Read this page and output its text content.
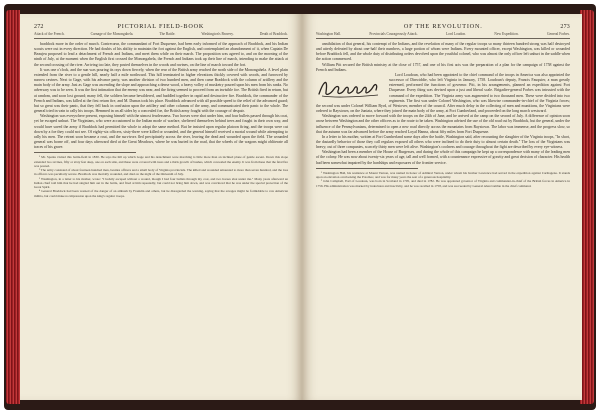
272	PICTORIAL FIELD-BOOK
Attack of the French.	Carnage of the Monongahela.	The Battle.	Washington's Bravery.	Death of Braddock.

braddock more in the order of march. Contrecœur, the commandant of Fort Duquesne, had been early informed of the approach of Braddock, and his Indian scouts were out in every direction. He had doubts of his ability to maintain the fort against the English, and contemplated an abandonment of it, when Captain De Beaujeu proposed to lead a detachment of French and Indians, and meet them while on their march. The proposition was agreed to, and on the morning of the ninth of July, at the moment when the English first crossed the Monongahela, the French and Indians took up their line of march, intending to make the attack at the second crossing of the river. Arriving too late, they posted themselves in the woods and ravines, on the line of march toward the fort.

It was one o'clock, and the sun was pouring its rays down fiercely, when the rear of the British army reached the north side of the Monongahela. A level plain extended from the river to a gentle hill, nearly half a mile northward. This hill terminated in higher elevations thickly covered with woods, and furrowed by narrow ravines. Next to Gage, with his advance party, was another division of two hundred men, and then came Braddock with the column of artillery and the main body of the army. Just as Gage was ascending the slope and approaching a dense wood, a heavy volley of musketry poured upon his men from his ranks. No adversary was to be seen. It was the first intimation that the enemy was near, and the firing seemed to proceed from an invisible foe. The British fired in return, but at random, and soon lost ground; many fell, the soldiers became bewildered, and huddled together in rapid and destructive fire. Braddock, the commander of the French and Indians, was killed at the first return fire, and M. Dumas took his place. Braddock advanced with all possible speed to the relief of the advanced guard; but so great was their panic, that they fell back in confusion upon the artillery and other columns of the army, and communicated their panic to the whole. The general tried in vain to rally his troops. Hemmed in on all sides by a concealed foe, the British army fought with the courage of despair.

Washington was everywhere present, exposing himself with the utmost fearlessness. Two horses were shot under him, and four bullets passed through his coat, yet he escaped unhurt. The Virginians, who were accustomed to the Indian mode of warfare, sheltered themselves behind trees and fought in their own way, and would have saved the army if Braddock had permitted the whole to adopt the same method. But he insisted upon regular platoon firing, and the troops were cut down by a foe they could not see. Of eighty-six officers, sixty-three were killed or wounded, and the general himself received a mortal wound while attempting to rally his men. The retreat soon became a rout, and the survivors fled precipitately across the river, leaving the dead and wounded upon the field. The wounded general was borne off, and four days afterward died at the Great Meadows, where he was buried in the road, that the wheels of the wagons might obliterate all traces of his grave.

¹ Mr. Sparks visited this battle-field in 1830. He says the hill up which Gage and his detachment were marching is little more than an inclined plane of gentle ascent. Down this slope extended two ravines, fifty or sixty feet deep, one on each side, and these were covered with trees and a thick growth of bushes, which concealed the enemy. It was from these that the fatal fire was poured.

² The army consisted of about fourteen hundred men, besides officers and a small body of Virginia provincials. The killed and wounded amounted to more than seven hundred, and the loss in officers was peculiarly severe. Braddock was mortally wounded, and died on the night of the thirteenth of July.

³ Washington, in a letter to his mother, wrote: "I luckily escaped without a wound, though I had four bullets through my coat, and two horses shot under me." Many years afterward an Indian chief told him that he had singled him out in the battle, and fired at him repeatedly, but could not bring him down, and was convinced that he was under the special protection of the Great Spirit.

⁴ General Braddock had been warned of the danger of an ambush by Franklin and others, but he disregarded the warning, saying that the savages might be formidable to raw American militia, but could make no impression upon the king's regular troops.

OF THE REVOLUTION.	273
Washington Hall.	Provincials Courageously Attack.	Lord Loudon.	New Expedition.	General Forbes.

annihilation of that general, his contempt of the Indians, and the revelation of many of the regular troops so many thirteen hundred strong was half destroyed and utterly defeated by about one-half their numbers, a large portion of whom were Indians. Every mounted officer, except Washington, was killed or wounded before Braddock fell, and the whole duty of distributing orders devolved upon the youthful colonel, who was almost the only officer left unhurt in the saddle when the action commenced.

William Pitt secured the British ministry at the close of 1757, and one of his first acts was the preparation of a plan for the campaign of 1758 against the French and Indians.

Lord Loudoun, who had been appointed to the chief command of the troops in America was also appointed the successor of Dinwiddie, who left Virginia in January, 1758. Loudoun's deputy, Francis Fauquier, a man greatly esteemed, performed the functions of governor. Pitt, in his arrangements, planned an expedition against Fort Duquesne. Every thing was devised upon a just and liberal scale. Brigadier-general Forbes was intrusted with the command of the expedition. The Virginia army was augmented to two thousand men. These were divided into two regiments. The first was under Colonel Washington, who was likewise commander-in-chief of the Virginia forces; the second was under Colonel William Byrd, of Westover, member of the council. After much delay in the collecting of men and munitions, the Virginians were ordered to Raystown, on the Juniata, where they joined the main body of the army, at Fort Cumberland, and proceeded on the long march westward.

Washington was ordered to move forward with the troops on the 24th of June, and he arrived at the camp on the second of July. A difference of opinion soon arose between Washington and the other officers as to the route to be taken. Washington advised the use of the old road cut by Braddock, but the general, under the influence of the Pennsylvanians, determined to open a new road directly across the mountains from Raystown. The labor was immense, and the progress slow, so that the autumn was far advanced before the army reached Loyal Hanna, about fifty miles from Fort Duquesne.

In a letter to his mother, written at Fort Cumberland some days after the battle, Washington said, after recounting the slaughter of the Virginia troops, "In short, the dastardly behavior of those they call regulars exposed all others who were inclined to do their duty to almost certain death." The loss of the Virginians was heavy; out of three companies, scarcely thirty men were left alive. Washington's coolness and courage throughout the fight are described by every eye-witness.

Washington had been a member of the House of Burgesses, and during the whole of this campaign he kept up a correspondence with many of the leading men of the colony. He was now about twenty-six years of age, tall and well formed, with a countenance expressive of gravity and great decision of character. His health had been somewhat impaired by the hardships and exposures of the frontier service.

¹ Washington Hall, his residence at Mount Vernon, was named in honor of Admiral Vernon, under whom his brother Lawrence had served in the expedition against Carthagena. It stands upon an elevation overlooking the Potomac, and was for many years the seat of a generous hospitality.

² John Campbell, Earl of Loudoun, was born in Scotland in 1705, and died in 1782. He was appointed governor of Virginia and commander-in-chief of the British forces in America in 1756. His administration was marked by indecision and inactivity, and he was recalled in 1758, and was succeeded by General Abercrombie in the chief command.
